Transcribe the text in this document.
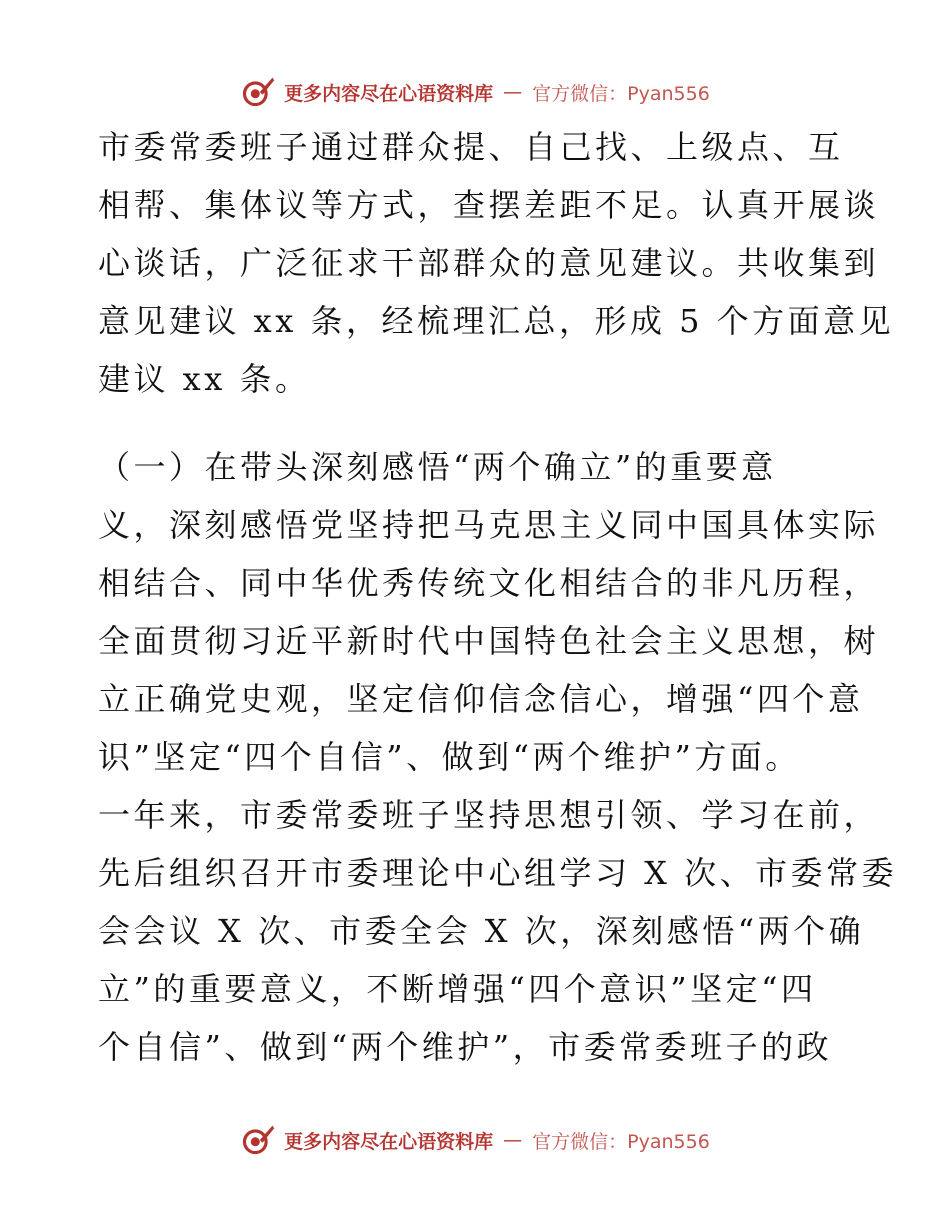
更多内容尽在心语资料库 — 官方微信：Pyan556
市委常委班子通过群众提、自己找、上级点、互
相帮、集体议等方式，查摆差距不足。认真开展谈
心谈话，广泛征求干部群众的意见建议。共收集到
意见建议 xx 条，经梳理汇总，形成 5 个方面意见
建议 xx 条。
（一）在带头深刻感悟“两个确立”的重要意
义，深刻感悟党坚持把马克思主义同中国具体实际
相结合、同中华优秀传统文化相结合的非凡历程，
全面贯彻习近平新时代中国特色社会主义思想，树
立正确党史观，坚定信仰信念信心，增强“四个意
识”坚定“四个自信”、做到“两个维护”方面。
一年来，市委常委班子坚持思想引领、学习在前，
先后组织召开市委理论中心组学习 X 次、市委常委
会会议 X 次、市委全会 X 次，深刻感悟“两个确
立”的重要意义，不断增强“四个意识”坚定“四
个自信”、做到“两个维护”，市委常委班子的政
更多内容尽在心语资料库 — 官方微信：Pyan556
